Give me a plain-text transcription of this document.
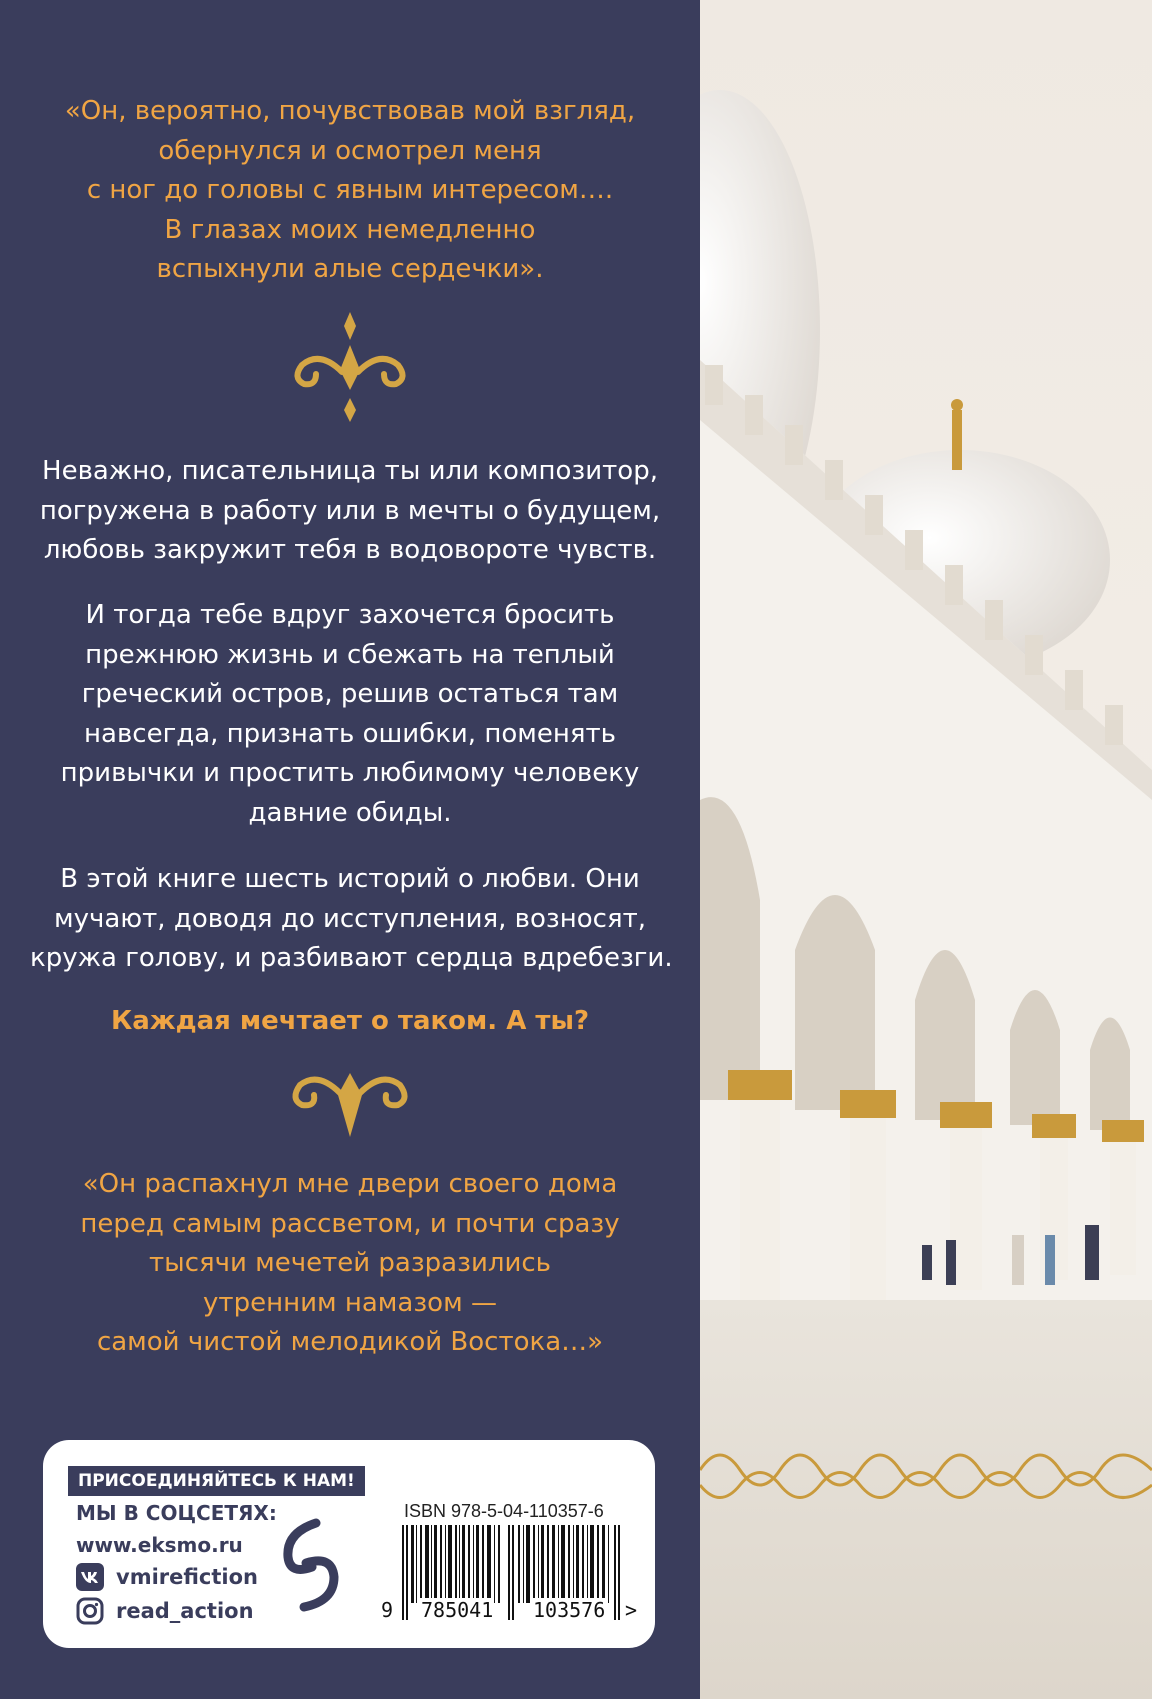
«Он, вероятно, почувствовав мой взгляд,
обернулся и осмотрел меня
с ног до головы с явным интересом….
В глазах моих немедленно
вспыхнули алые сердечки».
Неважно, писательница ты или композитор,
погружена в работу или в мечты о будущем,
любовь закружит тебя в водовороте чувств.
И тогда тебе вдруг захочется бросить
прежнюю жизнь и сбежать на теплый
греческий остров, решив остаться там
навсегда, признать ошибки, поменять
привычки и простить любимому человеку
давние обиды.
В этой книге шесть историй о любви. Они
мучают, доводя до исступления, возносят,
кружа голову, и разбивают сердца вдребезги.
Каждая мечтает о таком. А ты?
«Он распахнул мне двери своего дома
перед самым рассветом, и почти сразу
тысячи мечетей разразились
утренним намазом —
самой чистой мелодикой Востока…»
ПРИСОЕДИНЯЙТЕСЬ К НАМ!
МЫ В СОЦСЕТЯХ:
www.eksmo.ru
vmirefiction
read_action
ISBN 978-5-04-110357-6
9 785041 103576 >
